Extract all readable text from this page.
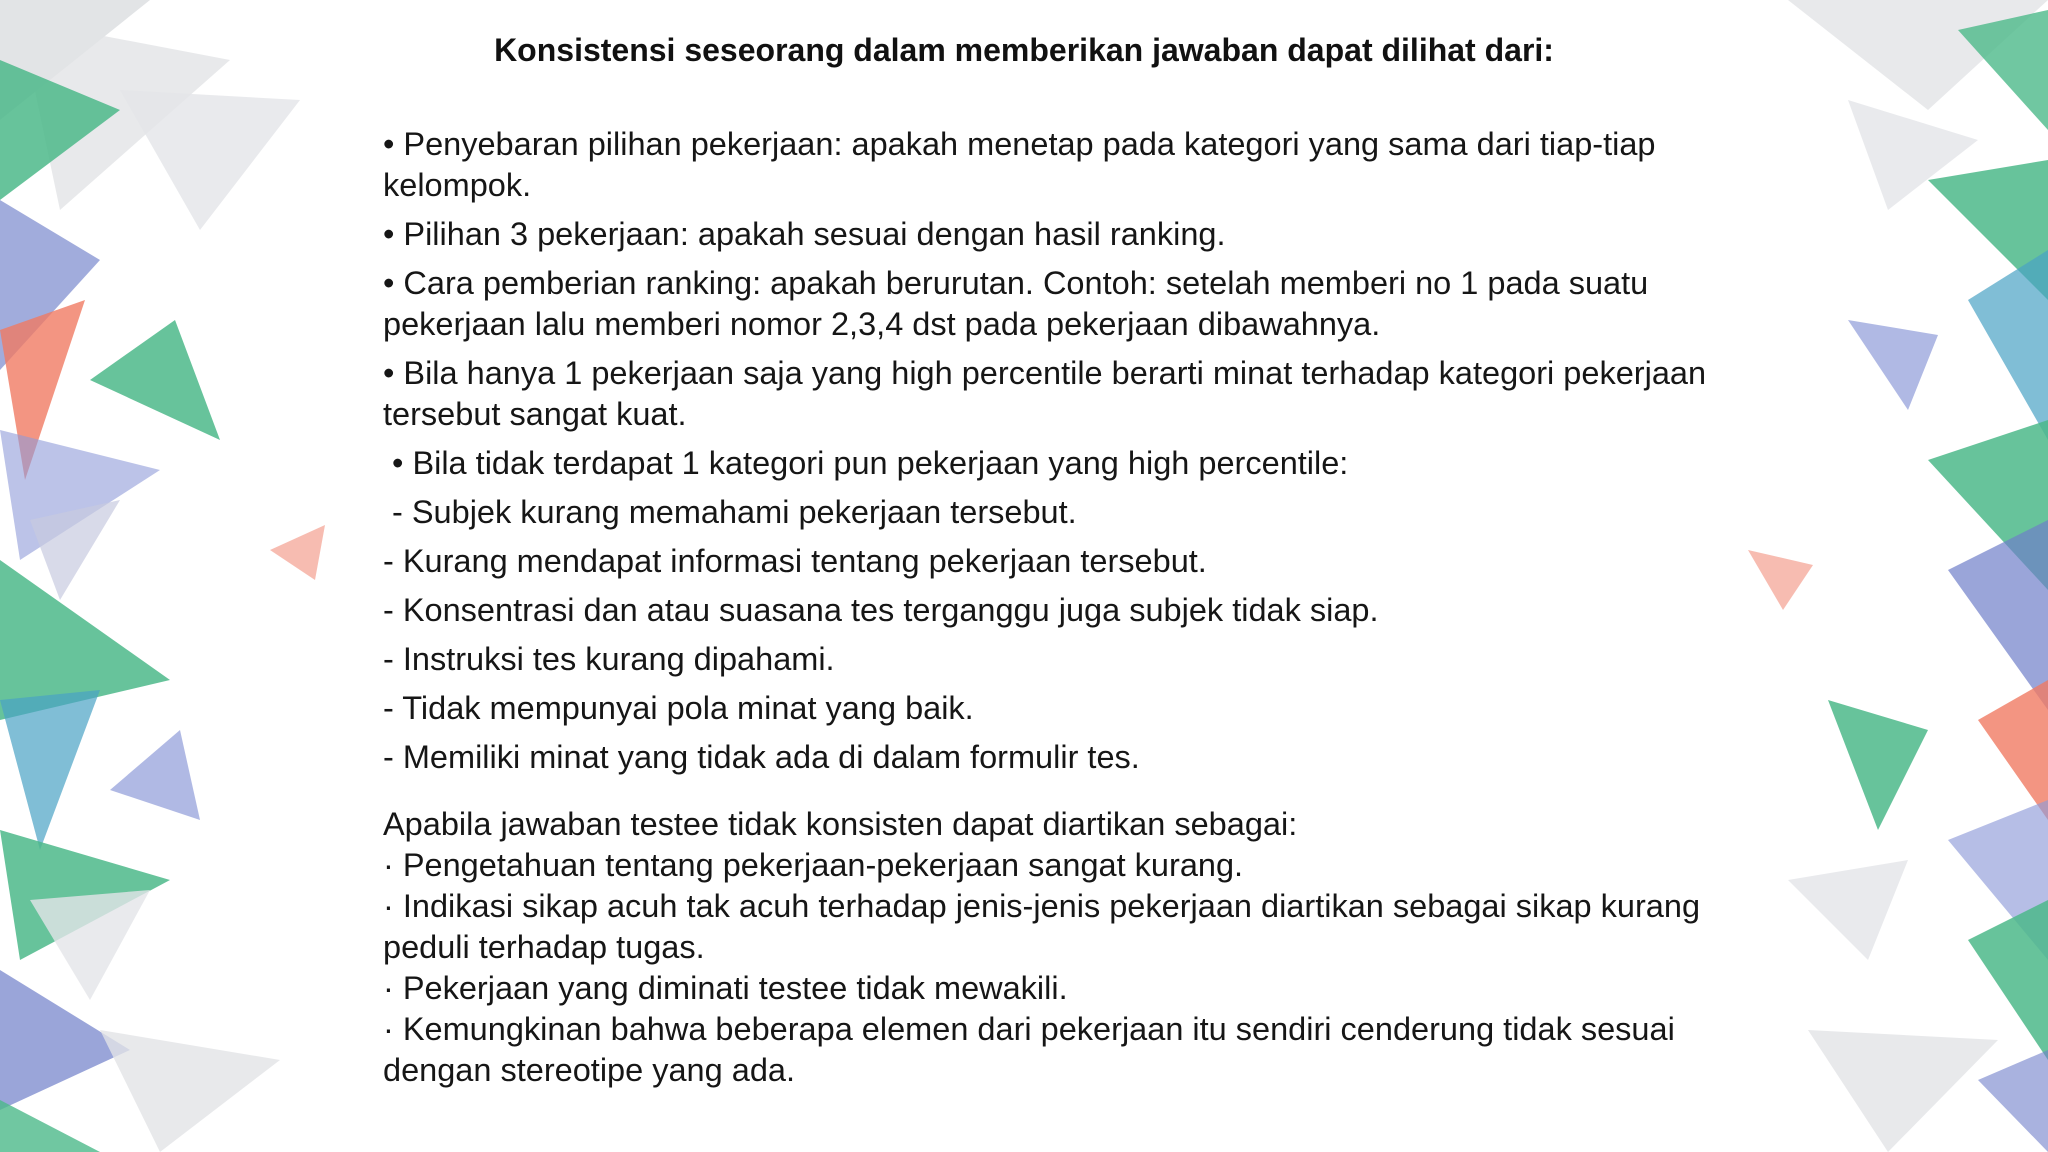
Konsistensi seseorang dalam memberikan jawaban dapat dilihat dari:

• Penyebaran pilihan pekerjaan: apakah menetap pada kategori yang sama dari tiap-tiap kelompok.

• Pilihan 3 pekerjaan: apakah sesuai dengan hasil ranking.

• Cara pemberian ranking: apakah berurutan. Contoh: setelah memberi no 1 pada suatu pekerjaan lalu memberi nomor 2,3,4 dst pada pekerjaan dibawahnya.

• Bila hanya 1 pekerjaan saja yang high percentile berarti minat terhadap kategori pekerjaan tersebut sangat kuat.

• Bila tidak terdapat 1 kategori pun pekerjaan yang high percentile:

- Subjek kurang memahami pekerjaan tersebut.

- Kurang mendapat informasi tentang pekerjaan tersebut.

- Konsentrasi dan atau suasana tes terganggu juga subjek tidak siap.

- Instruksi tes kurang dipahami.

- Tidak mempunyai pola minat yang baik.

- Memiliki minat yang tidak ada di dalam formulir tes.

Apabila jawaban testee tidak konsisten dapat diartikan sebagai:

· Pengetahuan tentang pekerjaan-pekerjaan sangat kurang.

· Indikasi sikap acuh tak acuh terhadap jenis-jenis pekerjaan diartikan sebagai sikap kurang peduli terhadap tugas.

· Pekerjaan yang diminati testee tidak mewakili.

· Kemungkinan bahwa beberapa elemen dari pekerjaan itu sendiri cenderung tidak sesuai dengan stereotipe yang ada.
